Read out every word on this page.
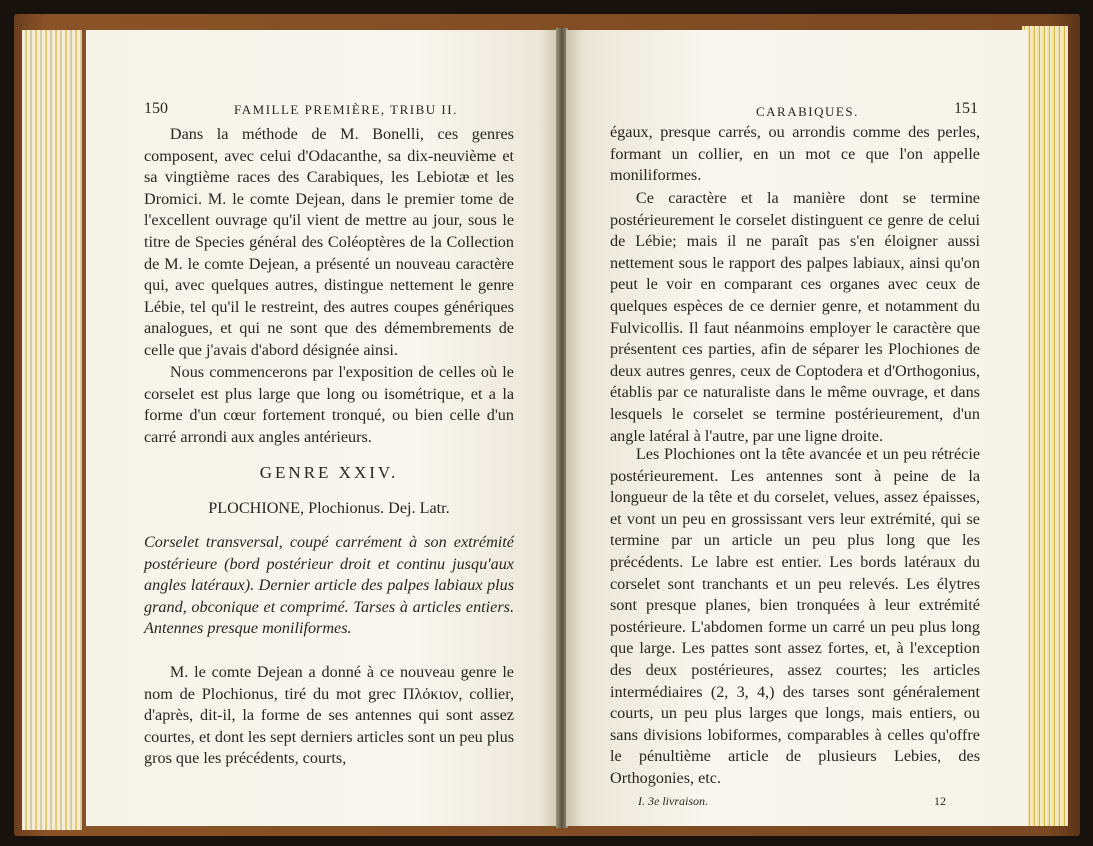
150	FAMILLE PREMIÈRE, TRIBU II.
Dans la méthode de M. Bonelli, ces genres composent, avec celui d'Odacanthe, sa dix-neuvième et sa vingtième races des Carabiques, les Lebiotæ et les Dromici. M. le comte Dejean, dans le premier tome de l'excellent ouvrage qu'il vient de mettre au jour, sous le titre de Species général des Coléoptères de la Collection de M. le comte Dejean, a présenté un nouveau caractère qui, avec quelques autres, distingue nettement le genre Lébie, tel qu'il le restreint, des autres coupes génériques analogues, et qui ne sont que des démembrements de celle que j'avais d'abord désignée ainsi.
Nous commencerons par l'exposition de celles où le corselet est plus large que long ou isométrique, et a la forme d'un cœur fortement tronqué, ou bien celle d'un carré arrondi aux angles antérieurs.
GENRE XXIV.
PLOCHIONE, Plochionus. Dej. Latr.
Corselet transversal, coupé carrément à son extrémité postérieure (bord postérieur droit et continu jusqu'aux angles latéraux). Dernier article des palpes labiaux plus grand, obconique et comprimé. Tarses à articles entiers. Antennes presque moniliformes.
M. le comte Dejean a donné à ce nouveau genre le nom de Plochionus, tiré du mot grec Πλόκιον, collier, d'après, dit-il, la forme de ses antennes qui sont assez courtes, et dont les sept derniers articles sont un peu plus gros que les précédents, courts,
CARABIQUES.	151
égaux, presque carrés, ou arrondis comme des perles, formant un collier, en un mot ce que l'on appelle moniliformes.
Ce caractère et la manière dont se termine postérieurement le corselet distinguent ce genre de celui de Lébie; mais il ne paraît pas s'en éloigner aussi nettement sous le rapport des palpes labiaux, ainsi qu'on peut le voir en comparant ces organes avec ceux de quelques espèces de ce dernier genre, et notamment du Fulvicollis. Il faut néanmoins employer le caractère que présentent ces parties, afin de séparer les Plochiones de deux autres genres, ceux de Coptodera et d'Orthogonius, établis par ce naturaliste dans le même ouvrage, et dans lesquels le corselet se termine postérieurement, d'un angle latéral à l'autre, par une ligne droite.
Les Plochiones ont la tête avancée et un peu rétrécie postérieurement. Les antennes sont à peine de la longueur de la tête et du corselet, velues, assez épaisses, et vont un peu en grossissant vers leur extrémité, qui se termine par un article un peu plus long que les précédents. Le labre est entier. Les bords latéraux du corselet sont tranchants et un peu relevés. Les élytres sont presque planes, bien tronquées à leur extrémité postérieure. L'abdomen forme un carré un peu plus long que large. Les pattes sont assez fortes, et, à l'exception des deux postérieures, assez courtes; les articles intermédiaires (2, 3, 4,) des tarses sont généralement courts, un peu plus larges que longs, mais entiers, ou sans divisions lobiformes, comparables à celles qu'offre le pénultième article de plusieurs Lebies, des Orthogonies, etc.
I. 3e livraison.	12
